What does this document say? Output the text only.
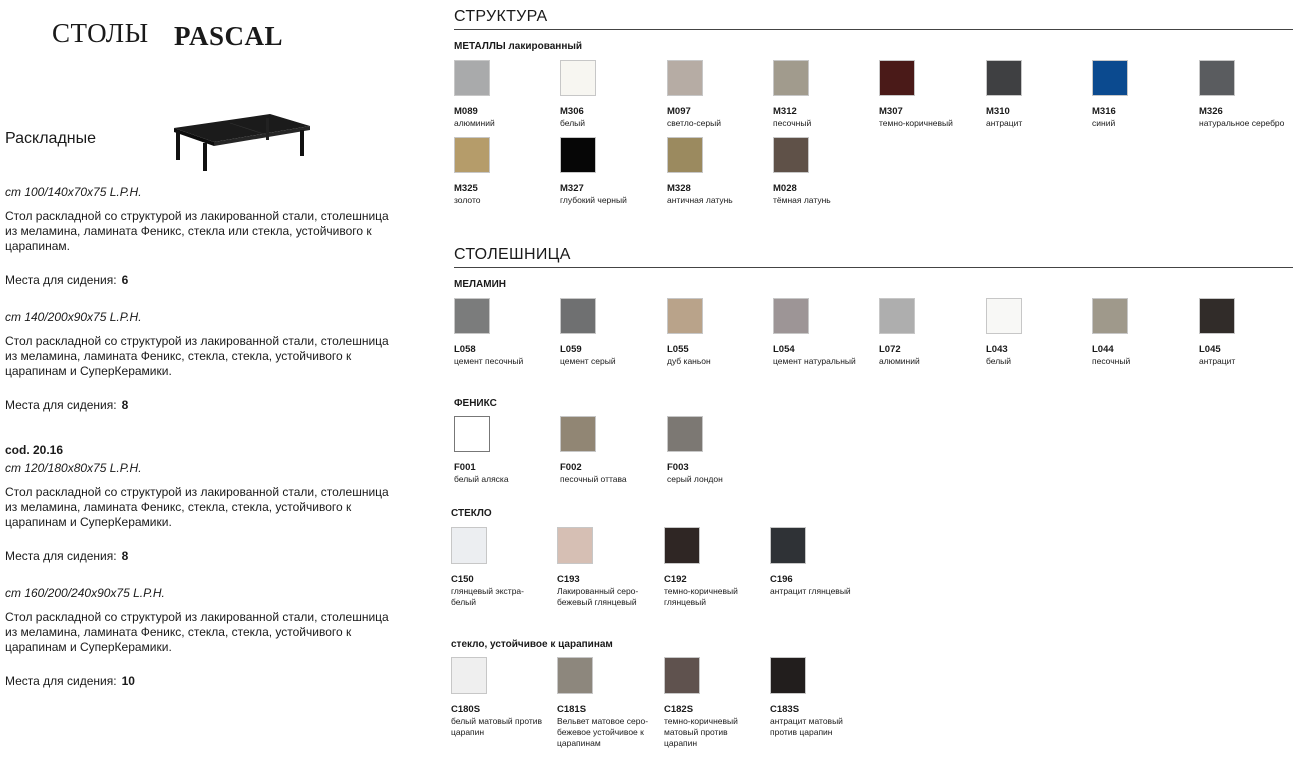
СТОЛЫ PASCAL
Раскладные
cm 100/140x70x75 L.P.H.
Стол раскладной со структурой из лакированной стали, столешница из меламина, ламината Феникс, стекла или стекла, устойчивого к царапинам.
Места для сидения: 6
cm 140/200x90x75 L.P.H.
Стол раскладной со структурой из лакированной стали, столешница из меламина, ламината Феникс, стекла, стекла, устойчивого к царапинам и СуперКерамики.
Места для сидения: 8
cod. 20.16
cm 120/180x80x75 L.P.H.
Стол раскладной со структурой из лакированной стали, столешница из меламина, ламината Феникс, стекла, стекла, устойчивого к царапинам и СуперКерамики.
Места для сидения: 8
cm 160/200/240x90x75 L.P.H.
Стол раскладной со структурой из лакированной стали, столешница из меламина, ламината Феникс, стекла, стекла, устойчивого к царапинам и СуперКерамики.
Места для сидения: 10
СТРУКТУРА
МЕТАЛЛЫ лакированный
M089
алюминий
M306
белый
M097
светло-серый
M312
песочный
M307
темно-коричневый
M310
антрацит
M316
синий
M326
натуральное серебро
M325
золото
M327
глубокий черный
M328
античная латунь
M028
тёмная латунь
СТОЛЕШНИЦА
МЕЛАМИН
L058
цемент песочный
L059
цемент серый
L055
дуб каньон
L054
цемент натуральный
L072
алюминий
L043
белый
L044
песочный
L045
антрацит
ФЕНИКС
F001
белый аляска
F002
песочный оттава
F003
серый лондон
СТЕКЛО
C150
глянцевый экстра-белый
C193
Лакированный серо-бежевый глянцевый
C192
темно-коричневый глянцевый
C196
антрацит глянцевый
стекло, устойчивое к царапинам
C180S
белый матовый против царапин
C181S
Вельвет матовое серо-бежевое устойчивое к царапинам
C182S
темно-коричневый матовый против царапин
C183S
антрацит матовый против царапин
